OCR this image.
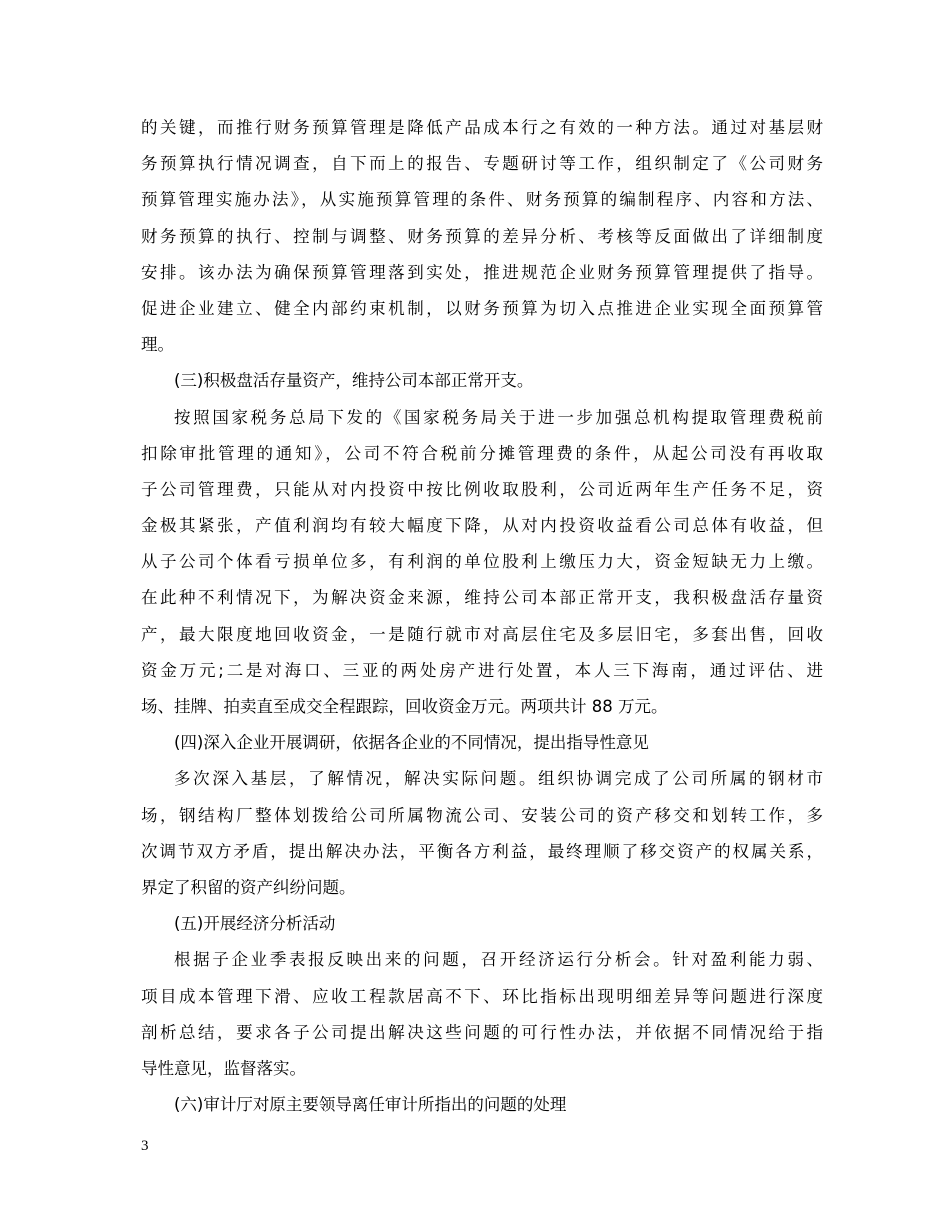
的关键，而推行财务预算管理是降低产品成本行之有效的一种方法。通过对基层财
务预算执行情况调查，自下而上的报告、专题研讨等工作，组织制定了《公司财务
预算管理实施办法》，从实施预算管理的条件、财务预算的编制程序、内容和方法、
财务预算的执行、控制与调整、财务预算的差异分析、考核等反面做出了详细制度
安排。该办法为确保预算管理落到实处，推进规范企业财务预算管理提供了指导。
促进企业建立、健全内部约束机制，以财务预算为切入点推进企业实现全面预算管
理。
(三)积极盘活存量资产，维持公司本部正常开支。
按照国家税务总局下发的《国家税务局关于进一步加强总机构提取管理费税前
扣除审批管理的通知》，公司不符合税前分摊管理费的条件，从起公司没有再收取
子公司管理费，只能从对内投资中按比例收取股利，公司近两年生产任务不足，资
金极其紧张，产值利润均有较大幅度下降，从对内投资收益看公司总体有收益，但
从子公司个体看亏损单位多，有利润的单位股利上缴压力大，资金短缺无力上缴。
在此种不利情况下，为解决资金来源，维持公司本部正常开支，我积极盘活存量资
产，最大限度地回收资金，一是随行就市对高层住宅及多层旧宅，多套出售，回收
资金万元;二是对海口、三亚的两处房产进行处置，本人三下海南，通过评估、进
场、挂牌、拍卖直至成交全程跟踪，回收资金万元。两项共计 88 万元。
(四)深入企业开展调研，依据各企业的不同情况，提出指导性意见
多次深入基层，了解情况，解决实际问题。组织协调完成了公司所属的钢材市
场，钢结构厂整体划拨给公司所属物流公司、安装公司的资产移交和划转工作，多
次调节双方矛盾，提出解决办法，平衡各方利益，最终理顺了移交资产的权属关系，
界定了积留的资产纠纷问题。
(五)开展经济分析活动
根据子企业季表报反映出来的问题，召开经济运行分析会。针对盈利能力弱、
项目成本管理下滑、应收工程款居高不下、环比指标出现明细差异等问题进行深度
剖析总结，要求各子公司提出解决这些问题的可行性办法，并依据不同情况给于指
导性意见，监督落实。
(六)审计厅对原主要领导离任审计所指出的问题的处理
3
